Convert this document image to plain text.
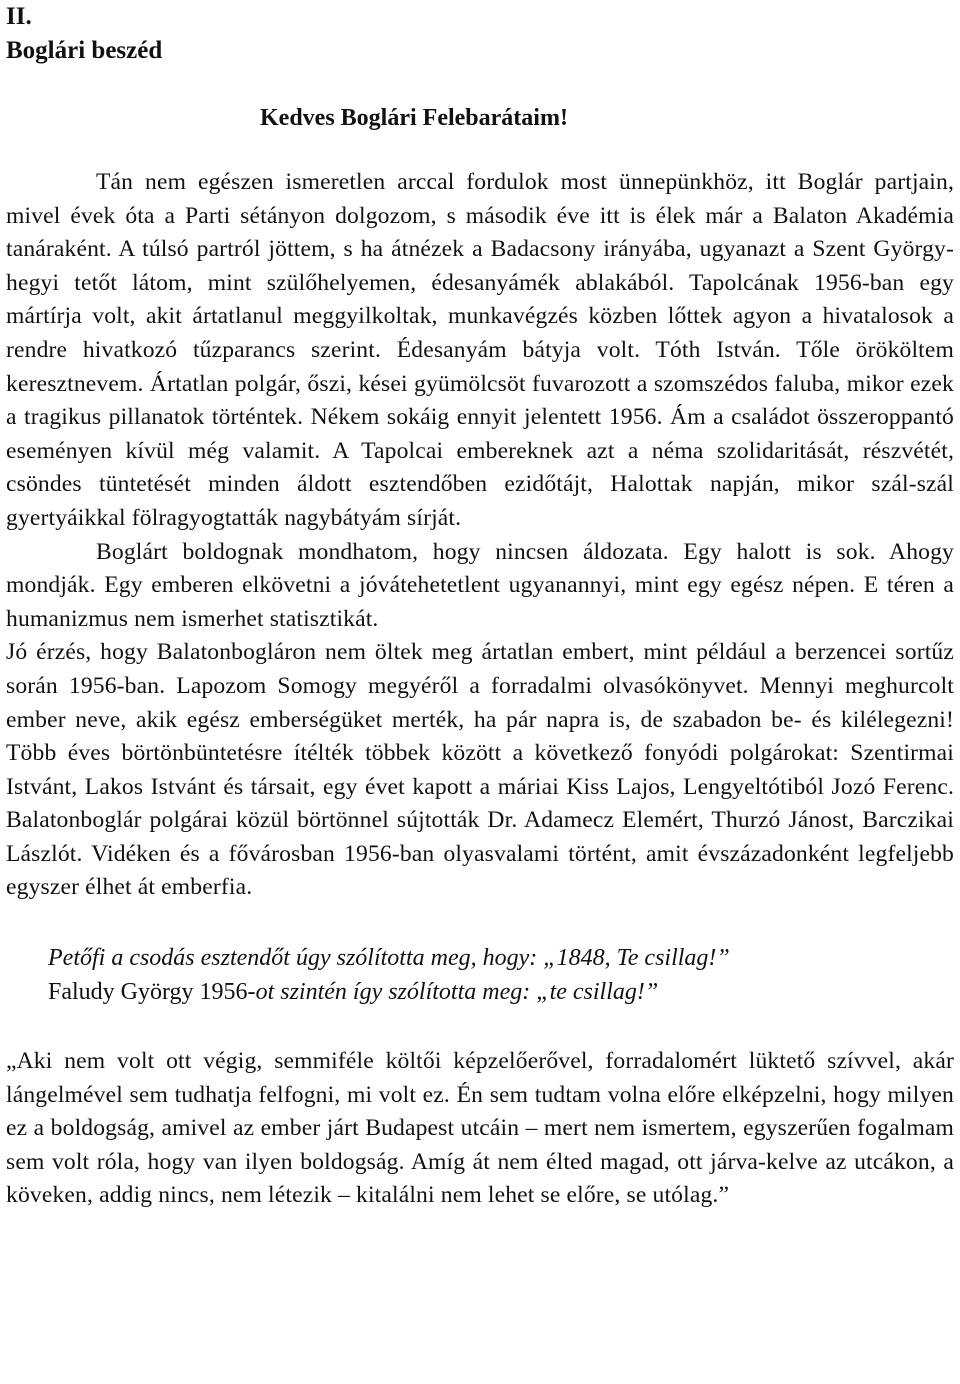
II.

Boglári beszéd

Kedves Boglári Felebarátaim!

Tán nem egészen ismeretlen arccal fordulok most ünnepünkhöz, itt Boglár partjain, mivel évek óta a Parti sétányon dolgozom, s második éve itt is élek már a Balaton Akadémia tanáraként. A túlsó partról jöttem, s ha átnézek a Badacsony irányába, ugyanazt a Szent György-hegyi tetőt látom, mint szülőhelyemen, édesanyámék ablakából. Tapolcának 1956-ban egy mártírja volt, akit ártatlanul meggyilkoltak, munkavégzés közben lőttek agyon a hivatalosok a rendre hivatkozó tűzparancs szerint. Édesanyám bátyja volt. Tóth István. Tőle örököltem keresztnevem. Ártatlan polgár, őszi, kései gyümölcsöt fuvarozott a szomszédos faluba, mikor ezek a tragikus pillanatok történtek. Nékem sokáig ennyit jelentett 1956. Ám a családot összeroppantó eseményen kívül még valamit. A Tapolcai embereknek azt a néma szolidaritását, részvétét, csöndes tüntetését minden áldott esztendőben ezidőtájt, Halottak napján, mikor szál-szál gyertyáikkal fölragyogtatták nagybátyám sírját.

Boglárt boldognak mondhatom, hogy nincsen áldozata. Egy halott is sok. Ahogy mondják. Egy emberen elkövetni a jóvátehetetlent ugyanannyi, mint egy egész népen. E téren a humanizmus nem ismerhet statisztikát.

Jó érzés, hogy Balatonbogláron nem öltek meg ártatlan embert, mint például a berzencei sortűz során 1956-ban. Lapozom Somogy megyéről a forradalmi olvasókönyvet. Mennyi meghurcolt ember neve, akik egész emberségüket merték, ha pár napra is, de szabadon be- és kilélegezni! Több éves börtönbüntetésre ítélték többek között a következő fonyódi polgárokat: Szentirmai Istvánt, Lakos Istvánt és társait, egy évet kapott a máriai Kiss Lajos, Lengyeltótiból Jozó Ferenc. Balatonboglár polgárai közül börtönnel sújtották Dr. Adamecz Elemért, Thurzó Jánost, Barczikai Lászlót. Vidéken és a fővárosban 1956-ban olyasvalami történt, amit évszázadonként legfeljebb egyszer élhet át emberfia.

Petőfi a csodás esztendőt úgy szólította meg, hogy: „1848, Te csillag!”

Faludy György 1956-ot szintén így szólította meg: „te csillag!”

„Aki nem volt ott végig, semmiféle költői képzelőerővel, forradalomért lüktető szívvel, akár lángelmével sem tudhatja felfogni, mi volt ez. Én sem tudtam volna előre elképzelni, hogy milyen ez a boldogság, amivel az ember járt Budapest utcáin – mert nem ismertem, egyszerűen fogalmam sem volt róla, hogy van ilyen boldogság. Amíg át nem élted magad, ott járva-kelve az utcákon, a köveken, addig nincs, nem létezik – kitalálni nem lehet se előre, se utólag.”
